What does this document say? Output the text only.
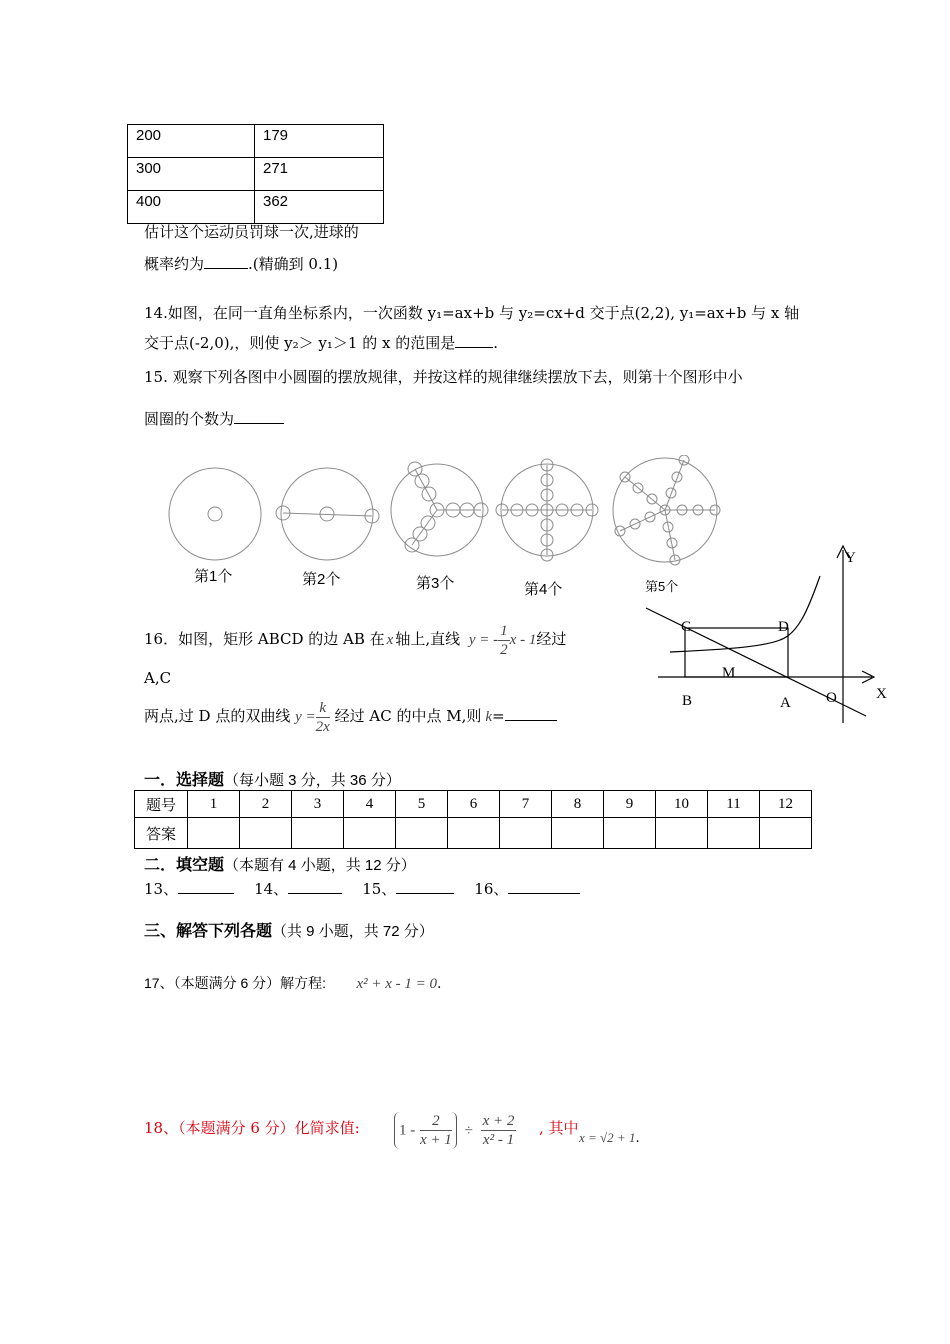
200	179
300	271
400	362
估计这个运动员罚球一次,进球的
概率约为	.(精确到 0.1)
14.如图，在同一直角坐标系内，一次函数 y₁=ax+b 与 y₂=cx+d 交于点(2,2), y₁=ax+b 与 x 轴
交于点(-2,0),，则使 y₂＞ y₁＞1 的 x 的范围是	.
15. 观察下列各图中小圆圈的摆放规律，并按这样的规律继续摆放下去，则第十个图形中小
圆圈的个数为
第1个	第2个	第3个	第4个	第5个
C	D
M
B	A O	X
Y
16．如图，矩形 ABCD 的边 AB 在 x 轴上,直线 y = - $\frac{1}{2}$ x - 1经过
A,C
两点,过 D 点的双曲线 $y = \frac{k}{2x}$ 经过 AC 的中点 M,则 k=
一．选择题（每小题 3 分，共 36 分）
题号	1	2	3	4	5	6	7	8	9	10	11	12
答案												
二．填空题（本题有 4 小题，共 12 分）
13、	14、	15、	16、
三、解答下列各题（共 9 小题，共 72 分）
17、（本题满分 6 分）解方程: x² + x - 1 = 0.
18、（本题满分 6 分）化简求值:	$1 - \frac{2}{x + 1} \div \frac{x + 2}{\text{x² - 1}}$ , 其中
x = √2 + 1.
